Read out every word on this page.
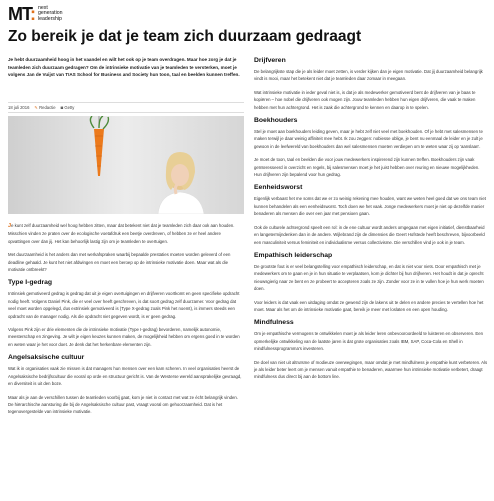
MT: next
generation
leadership
Zo bereik je dat je team zich duurzaam gedraagt
Je hebt duurzaamheid hoog in het vaandel en wilt het ook op je team overdragen. Maar hoe zorg je dat je teamleden zich duurzaam gedragen? Om de intrinsieke motivatie van je teamleden te versterken, moet je volgens Jan de Vuijst van TIAS School for Business and Society hun toon, taal en beelden kunnen treffen.
18 juli 2016 ✎ Redactie ◙ Getty

Je kunt zelf duurzaamheid wel hoog hebben zitten, maar dat betekent niet dat je teamleden zich daar ook aan houden. Misschien vinden ze praten over de ecologische voetafdruk een beetje overdreven, of hebben ze er heel andere opvattingen over dan jij. Het kan behoorlijk lastig zijn om je teamleden te overtuigen.

Met duurzaamheid is het anders dan met werkafspraken waarbij bepaalde prestaties moeten worden geleverd of een deadline gehaald. Je kunt het niet afdwingen en moet een beroep op de intrinsieke motivatie doen. Maar wat als die motivatie ontbreekt?

Type I-gedrag

Intrinsiek gemotiveerd gedrag is gedrag dat uit je eigen overtuigingen en drijfveren voortkomt en geen specifieke opdracht nodig heeft. Volgens Daniel Pink, die er veel over heeft geschreven, is dat soort gedrag zelf duurzamer. Voor gedrag dat veel moet worden opgelegd, dus extrinsiek gemotiveerd is (Type X-gedrag zoals Pink het noemt), is immers steeds een opdracht van de manager nodig. Als die opdracht niet gegeven wordt, is er geen gedrag.

Volgens Pink zijn er drie elementen die de intrinsieke motivatie (Type I-gedrag) bevorderen, namelijk autonomie, meesterschap en zingeving. Je wilt je eigen keuzes kunnen maken, de mogelijkheid hebben om ergens goed in te worden en weten waar je het voor doet. Je denk dat het herkenbare elementen zijn.

Angelsaksische cultuur

Wat ik in organisaties vaak zie missen is dat managers hun mensen over een kam scheren. In veel organisaties heerst de Angelsaksische bedrijfscultuur die vooral op orde en structuur gericht is. Van de Westerse wereld aansprakelijke gevraagd, en diversiteit is uit den boze.

Maar als je aan de verschillen tussen de teamleden voorbij gaat, kom je niet in contact met wat ze écht belangrijk vinden. De hiërarchische aansturing die bij de Angelsaksische cultuur past, vraagt vooral om gehoorzaamheid. Dat is het tegenovergestelde van intrinsieke motivatie.

Drijfveren

De belangrijkste stap die je als leider moet zetten, is verder kijken dan je eigen motivatie. Dat jij duurzaamheid belangrijk vindt is mooi, maar het betekent niet dat je teamleden daar zomaar in meegaan.

Wat intrinsieke motivatie in ieder geval niet is, is dat je als medewerker gemotiveerd bent de drijfveren van je baas te kopiëren – hoe nobel die drijfveren ook mogen zijn. Jouw teamleden hebben hun eigen drijfveren, die vaak te maken hebben met hun achtergrond. Het is zaak die achtergrond te kennen en daarop in te spelen.

Boekhouders

Stel je moet aan boekhouders leiding geven, maar je hebt zelf niet veel met boekhouden. Of je hebt met salesmensen te maken terwijl je daar weinig affiniteit mee hebt. Ik zou zeggen: nobiesse oblige, je bent nu eenmaal de leider en je zult je gewoon in de leefwereld van boekhouders dan wel salesmensen moeten verdiepen om te weten waar zij op 'aanslaan'.

Je moet de toon, taal en beelden die voor jouw medewerkers inspirerend zijn kunnen treffen. Boekhouders zijn vaak geïnteresseerd in overzicht en regels, bij salesmensen moet je het juist hebben over reuring en nieuwe mogelijkheden. Hun drijfveren zijn bepalend voor hun gedrag.

Eenheidsworst

Eigenlijk verbaast het me soms dat we er zo weinig rekening mee houden, want we weten heel goed dat we ons team niet kunnen behandelen als een eenheidsworst. Toch doen we het vaak. Jonge medewerkers moet je niet op dezelfde manier benaderen als mensen die over een jaar met pensioen gaan.

Ook de culturele achtergrond speelt een rol: in de ene cultuur wordt anders omgegaan met eigen initiatief, dienstbaarheid en langetermijndenken dan in de andere. Wijlebrand zijn de dimensies die Geert Hofstede heeft beschreven, bijvoorbeeld een masculiniteit versus feminiteit en individualisme versus collectivisme. Die verschillen vind je ook in je team.

Empathisch leiderschap

De grootste fout is er veel belangstelling voor empathisch leiderschap, en dat is niet voor niets. Door empathisch met je medewerkers om te gaan en je in hun situatie te verplaatsen, kom je dichter bij hun drijfveren. Het houdt in dat je oprecht nieuwsgierig naar ze bent en ze probeert te accepteren zoals ze zijn. Zonder voor ze in te vullen hoe je hun werk moeten doen.

Voor leiders is dat vaak een uitdaging omdat ze gewend zijn de lakens uit te delen en andere precies te vertellen hoe het moet. Maar als het om de intrinsieke motivatie gaat, bereik je meer met loslaten en een open houding.

Mindfulness

Om je empathische vermogens te ontwikkelen moet je als leider leren onbevooroordeeld te luisteren en observeren. Een opmerkelijke ontwikkeling van de laatste jaren is dat grote organisaties zoals IBM, SAP, Coca-Cola en Shell in mindfulnessprogramma's investeren.

De doel van niet uit altruïsme of modieuze overwegingen, maar omdat je met mindfulness je empathie kunt verbeteren. Als je als leider beter leert om je mensen vanuit empathie te benaderen, waarmee hun intrinsieke motivatie verbetert, draagt mindfulness dus direct bij aan de bottom line.
